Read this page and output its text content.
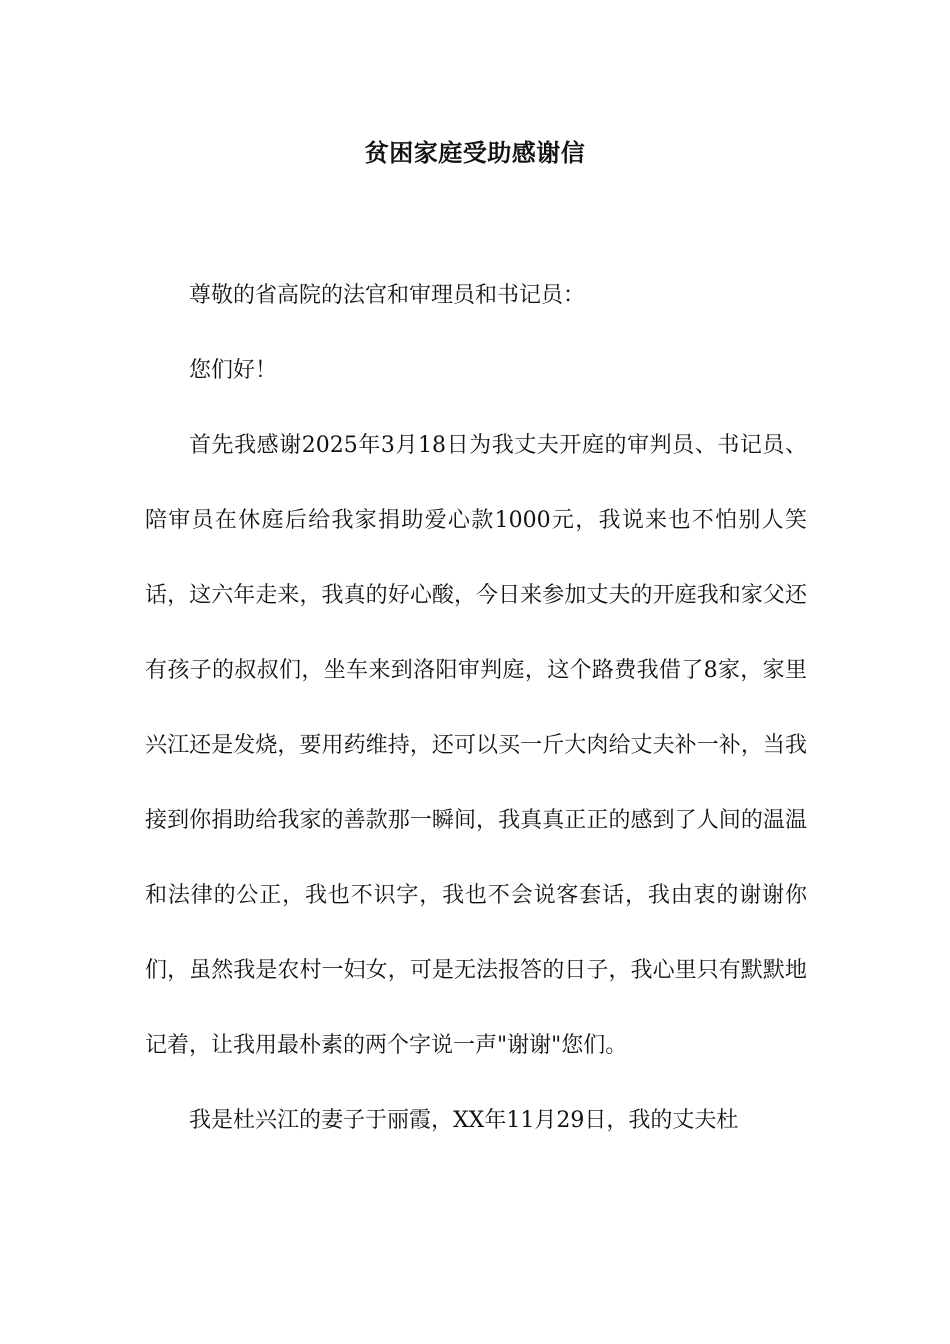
贫困家庭受助感谢信

尊敬的省高院的法官和审理员和书记员：

您们好！

首先我感谢2025年3月18日为我丈夫开庭的审判员、书记员、陪审员在休庭后给我家捐助爱心款1000元，我说来也不怕别人笑话，这六年走来，我真的好心酸，今日来参加丈夫的开庭我和家父还有孩子的叔叔们，坐车来到洛阳审判庭，这个路费我借了8家，家里兴江还是发烧，要用药维持，还可以买一斤大肉给丈夫补一补，当我接到你捐助给我家的善款那一瞬间，我真真正正的感到了人间的温温和法律的公正，我也不识字，我也不会说客套话，我由衷的谢谢你们，虽然我是农村一妇女，可是无法报答的日子，我心里只有默默地记着，让我用最朴素的两个字说一声"谢谢"您们。

我是杜兴江的妻子于丽霞，XX年11月29日，我的丈夫杜
